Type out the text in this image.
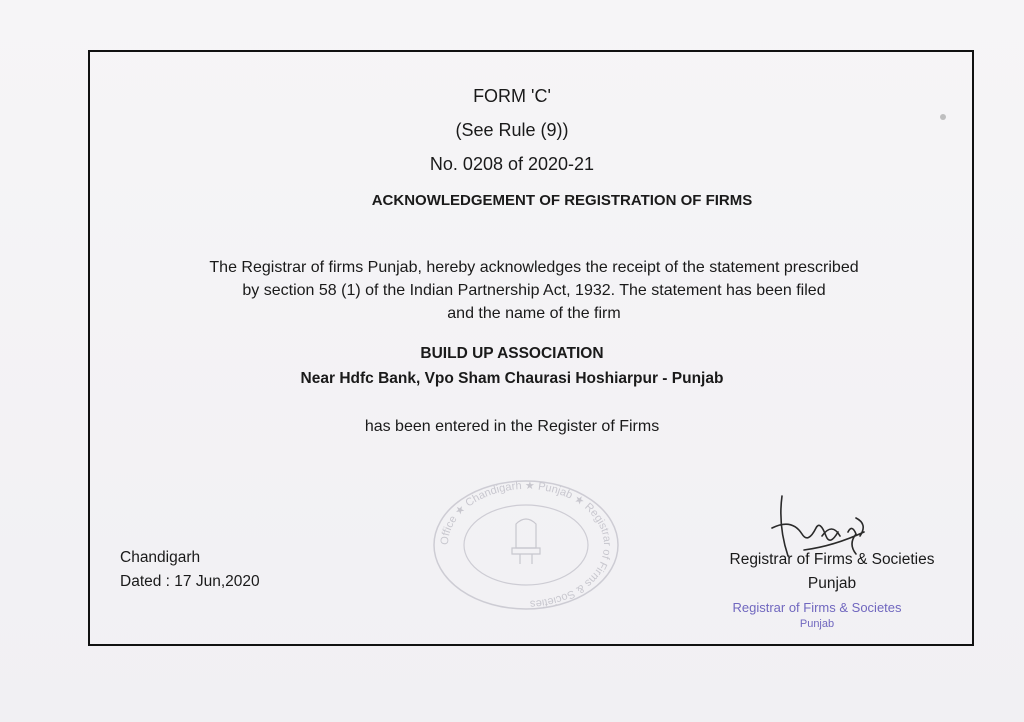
FORM 'C'
(See Rule (9))
No. 0208 of 2020-21
ACKNOWLEDGEMENT OF REGISTRATION OF FIRMS
The Registrar of firms Punjab, hereby acknowledges the receipt of the statement prescribed
by section 58 (1) of the Indian Partnership Act, 1932. The statement has been filed
and the name of the firm
BUILD UP ASSOCIATION
Near Hdfc Bank, Vpo Sham Chaurasi Hoshiarpur - Punjab
has been entered in the Register of Firms
Office ★ Chandigarh ★ Punjab ★ Registrar of Firms & Societies
Chandigarh
Dated : 17 Jun,2020
Registrar of Firms & Societies
Punjab
Registrar of Firms & Societes
Punjab
